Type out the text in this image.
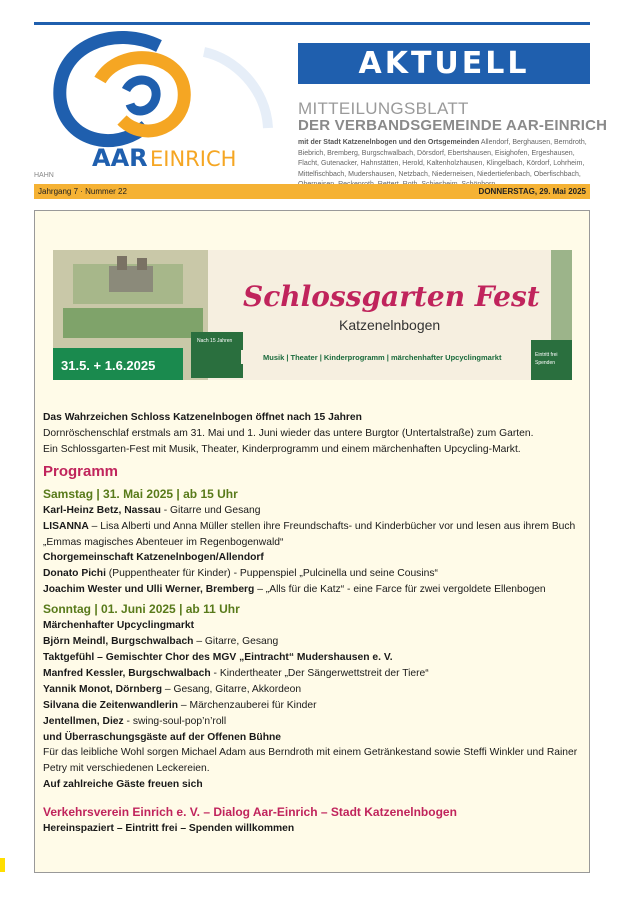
AAR EINRICH
AKTUELL
MITTEILUNGSBLATT
DER VERBANDSGEMEINDE AAR-EINRICH
mit der Stadt Katzenelnbogen und den Ortsgemeinden Allendorf, Berghausen, Berndroth, Biebrich, Bremberg, Burgschwalbach, Dörsdorf, Ebertshausen, Eisighofen, Ergeshausen, Flacht, Gutenacker, Hahnstätten, Herold, Kaltenholzhausen, Klingelbach, Kördorf, Lohrheim, Mittelfischbach, Mudershausen, Netzbach, Niederneisen, Niedertiefenbach, Oberfischbach,
HAHN
Jahrgang 7 · Nummer 22	DONNERSTAG, 29. Mai 2025
31.5. + 1.6.2025
Nach 15 Jahren
Eintritt frei
Spenden
Schlossgarten Fest
Katzenelnbogen
Musik | Theater | Kinderprogramm | märchenhafter Upcyclingmarkt

Das Wahrzeichen Schloss Katzenelnbogen öffnet nach 15 Jahren

Dornröschenschlaf erstmals am 31. Mai und 1. Juni wieder das untere Burgtor (Untertalstraße) zum Garten.

Ein Schlossgarten-Fest mit Musik, Theater, Kinderprogramm und einem märchenhaften Upcycling-Markt.

Programm

Samstag | 31. Mai 2025 | ab 15 Uhr

Karl-Heinz Betz, Nassau - Gitarre und Gesang

LISANNA – Lisa Alberti und Anna Müller stellen ihre Freundschafts- und Kinderbücher vor und lesen aus ihrem Buch „Emmas magisches Abenteuer im Regenbogenwald“

Chorgemeinschaft Katzenelnbogen/Allendorf

Donato Pichi (Puppentheater für Kinder) - Puppenspiel „Pulcinella und seine Cousins“

Joachim Wester und Ulli Werner, Bremberg – „Alls für die Katz“ - eine Farce für zwei vergoldete Ellenbogen

Sonntag | 01. Juni 2025 | ab 11 Uhr

Märchenhafter Upcyclingmarkt

Björn Meindl, Burgschwalbach – Gitarre, Gesang

Taktgefühl – Gemischter Chor des MGV „Eintracht“ Mudershausen e. V.

Manfred Kessler, Burgschwalbach - Kindertheater „Der Sängerwettstreit der Tiere“

Yannik Monot, Dörnberg – Gesang, Gitarre, Akkordeon

Silvana die Zeitenwandlerin – Märchenzauberei für Kinder

Jentellmen, Diez - swing-soul-pop’n’roll

und Überraschungsgäste auf der Offenen Bühne

Für das leibliche Wohl sorgen Michael Adam aus Berndroth mit einem Getränkestand sowie Steffi Winkler und Rainer Petry mit verschiedenen Leckereien.

Auf zahlreiche Gäste freuen sich

Verkehrsverein Einrich e. V. – Dialog Aar-Einrich – Stadt Katzenelnbogen

Hereinspaziert – Eintritt frei – Spenden willkommen
